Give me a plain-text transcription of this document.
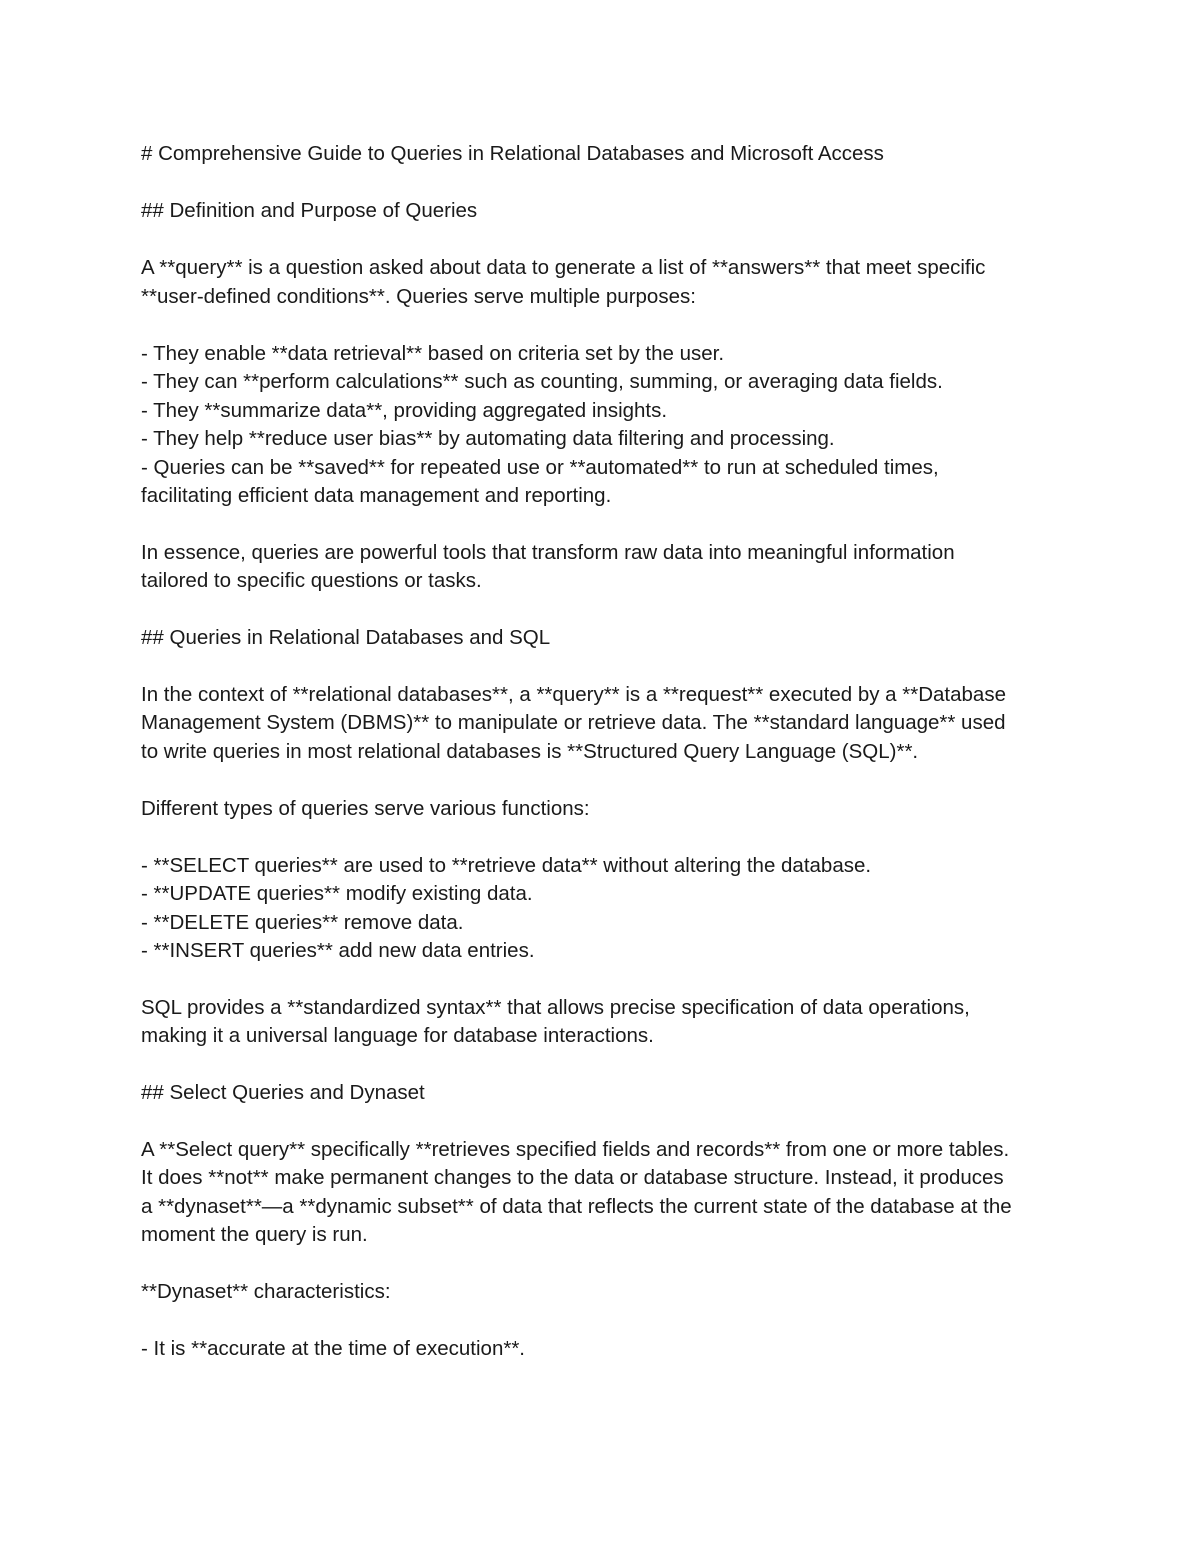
# Comprehensive Guide to Queries in Relational Databases and Microsoft Access

## Definition and Purpose of Queries

A **query** is a question asked about data to generate a list of **answers** that meet specific

**user-defined conditions**. Queries serve multiple purposes:

- They enable **data retrieval** based on criteria set by the user.

- They can **perform calculations** such as counting, summing, or averaging data fields.

- They **summarize data**, providing aggregated insights.

- They help **reduce user bias** by automating data filtering and processing.

- Queries can be **saved** for repeated use or **automated** to run at scheduled times,

facilitating efficient data management and reporting.

In essence, queries are powerful tools that transform raw data into meaningful information

tailored to specific questions or tasks.

## Queries in Relational Databases and SQL

In the context of **relational databases**, a **query** is a **request** executed by a **Database

Management System (DBMS)** to manipulate or retrieve data. The **standard language** used

to write queries in most relational databases is **Structured Query Language (SQL)**.

Different types of queries serve various functions:

- **SELECT queries** are used to **retrieve data** without altering the database.

- **UPDATE queries** modify existing data.

- **DELETE queries** remove data.

- **INSERT queries** add new data entries.

SQL provides a **standardized syntax** that allows precise specification of data operations,

making it a universal language for database interactions.

## Select Queries and Dynaset

A **Select query** specifically **retrieves specified fields and records** from one or more tables.

It does **not** make permanent changes to the data or database structure. Instead, it produces

a **dynaset**—a **dynamic subset** of data that reflects the current state of the database at the

moment the query is run.

**Dynaset** characteristics:

- It is **accurate at the time of execution**.
